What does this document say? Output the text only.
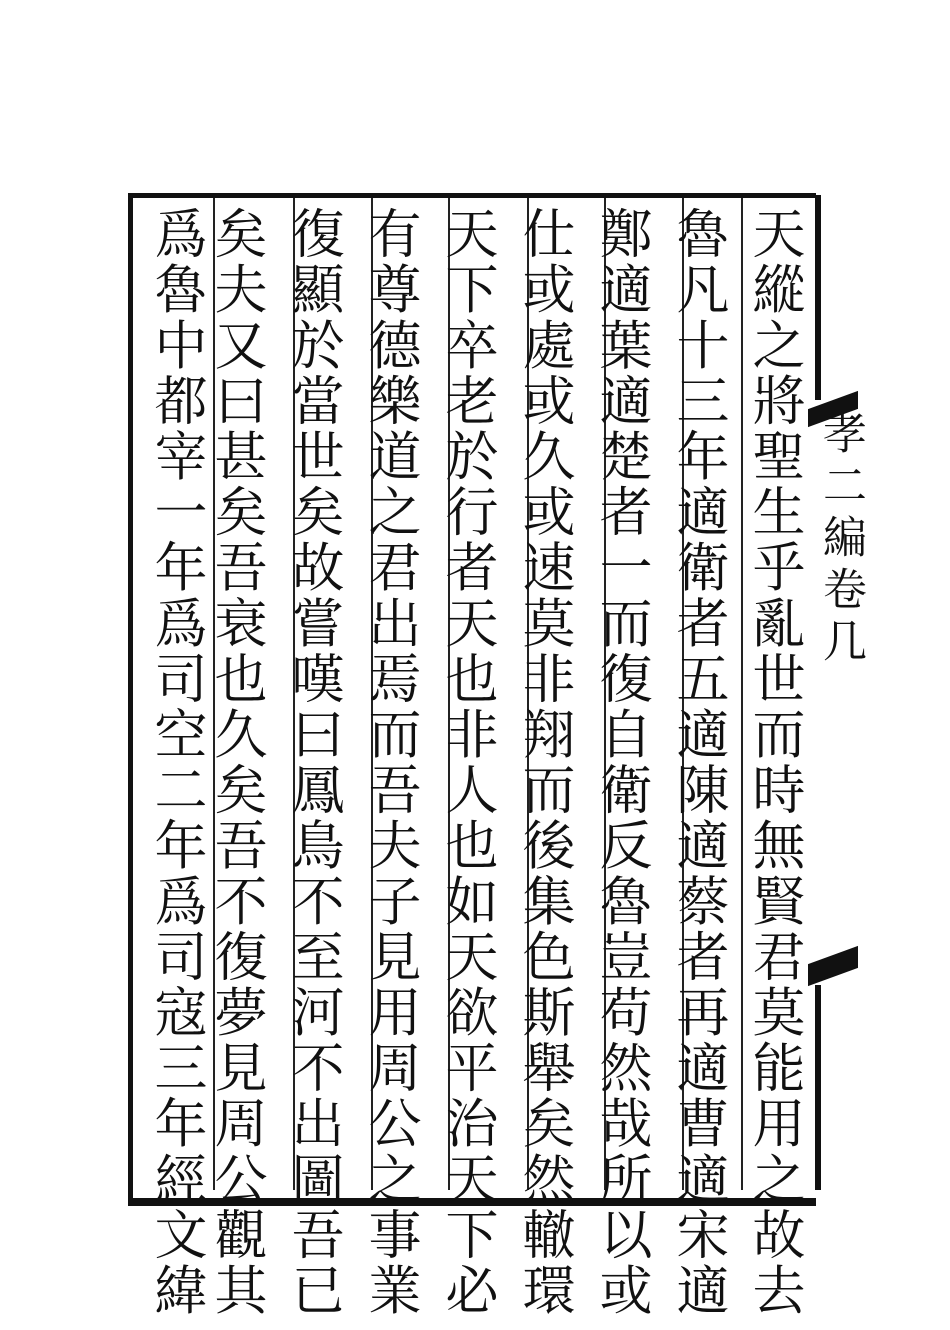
天縱之將聖生乎亂世而時無賢君莫能用之故去
魯凡十三年適衛者五適陳適蔡者再適曹適宋適
鄭適葉適楚者一而復自衛反魯豈苟然哉所以或
仕或處或久或速莫非翔而後集色斯舉矣然轍環
天下卒老於行者天也非人也如天欲平治天下必
有尊德樂道之君出焉而吾夫子見用周公之事業
復顯於當世矣故嘗嘆曰鳳鳥不至河不出圖吾已
矣夫又曰甚矣吾衰也久矣吾不復夢見周公觀其
爲魯中都宰一年爲司空二年爲司寇三年經文緯	孝二編卷几
